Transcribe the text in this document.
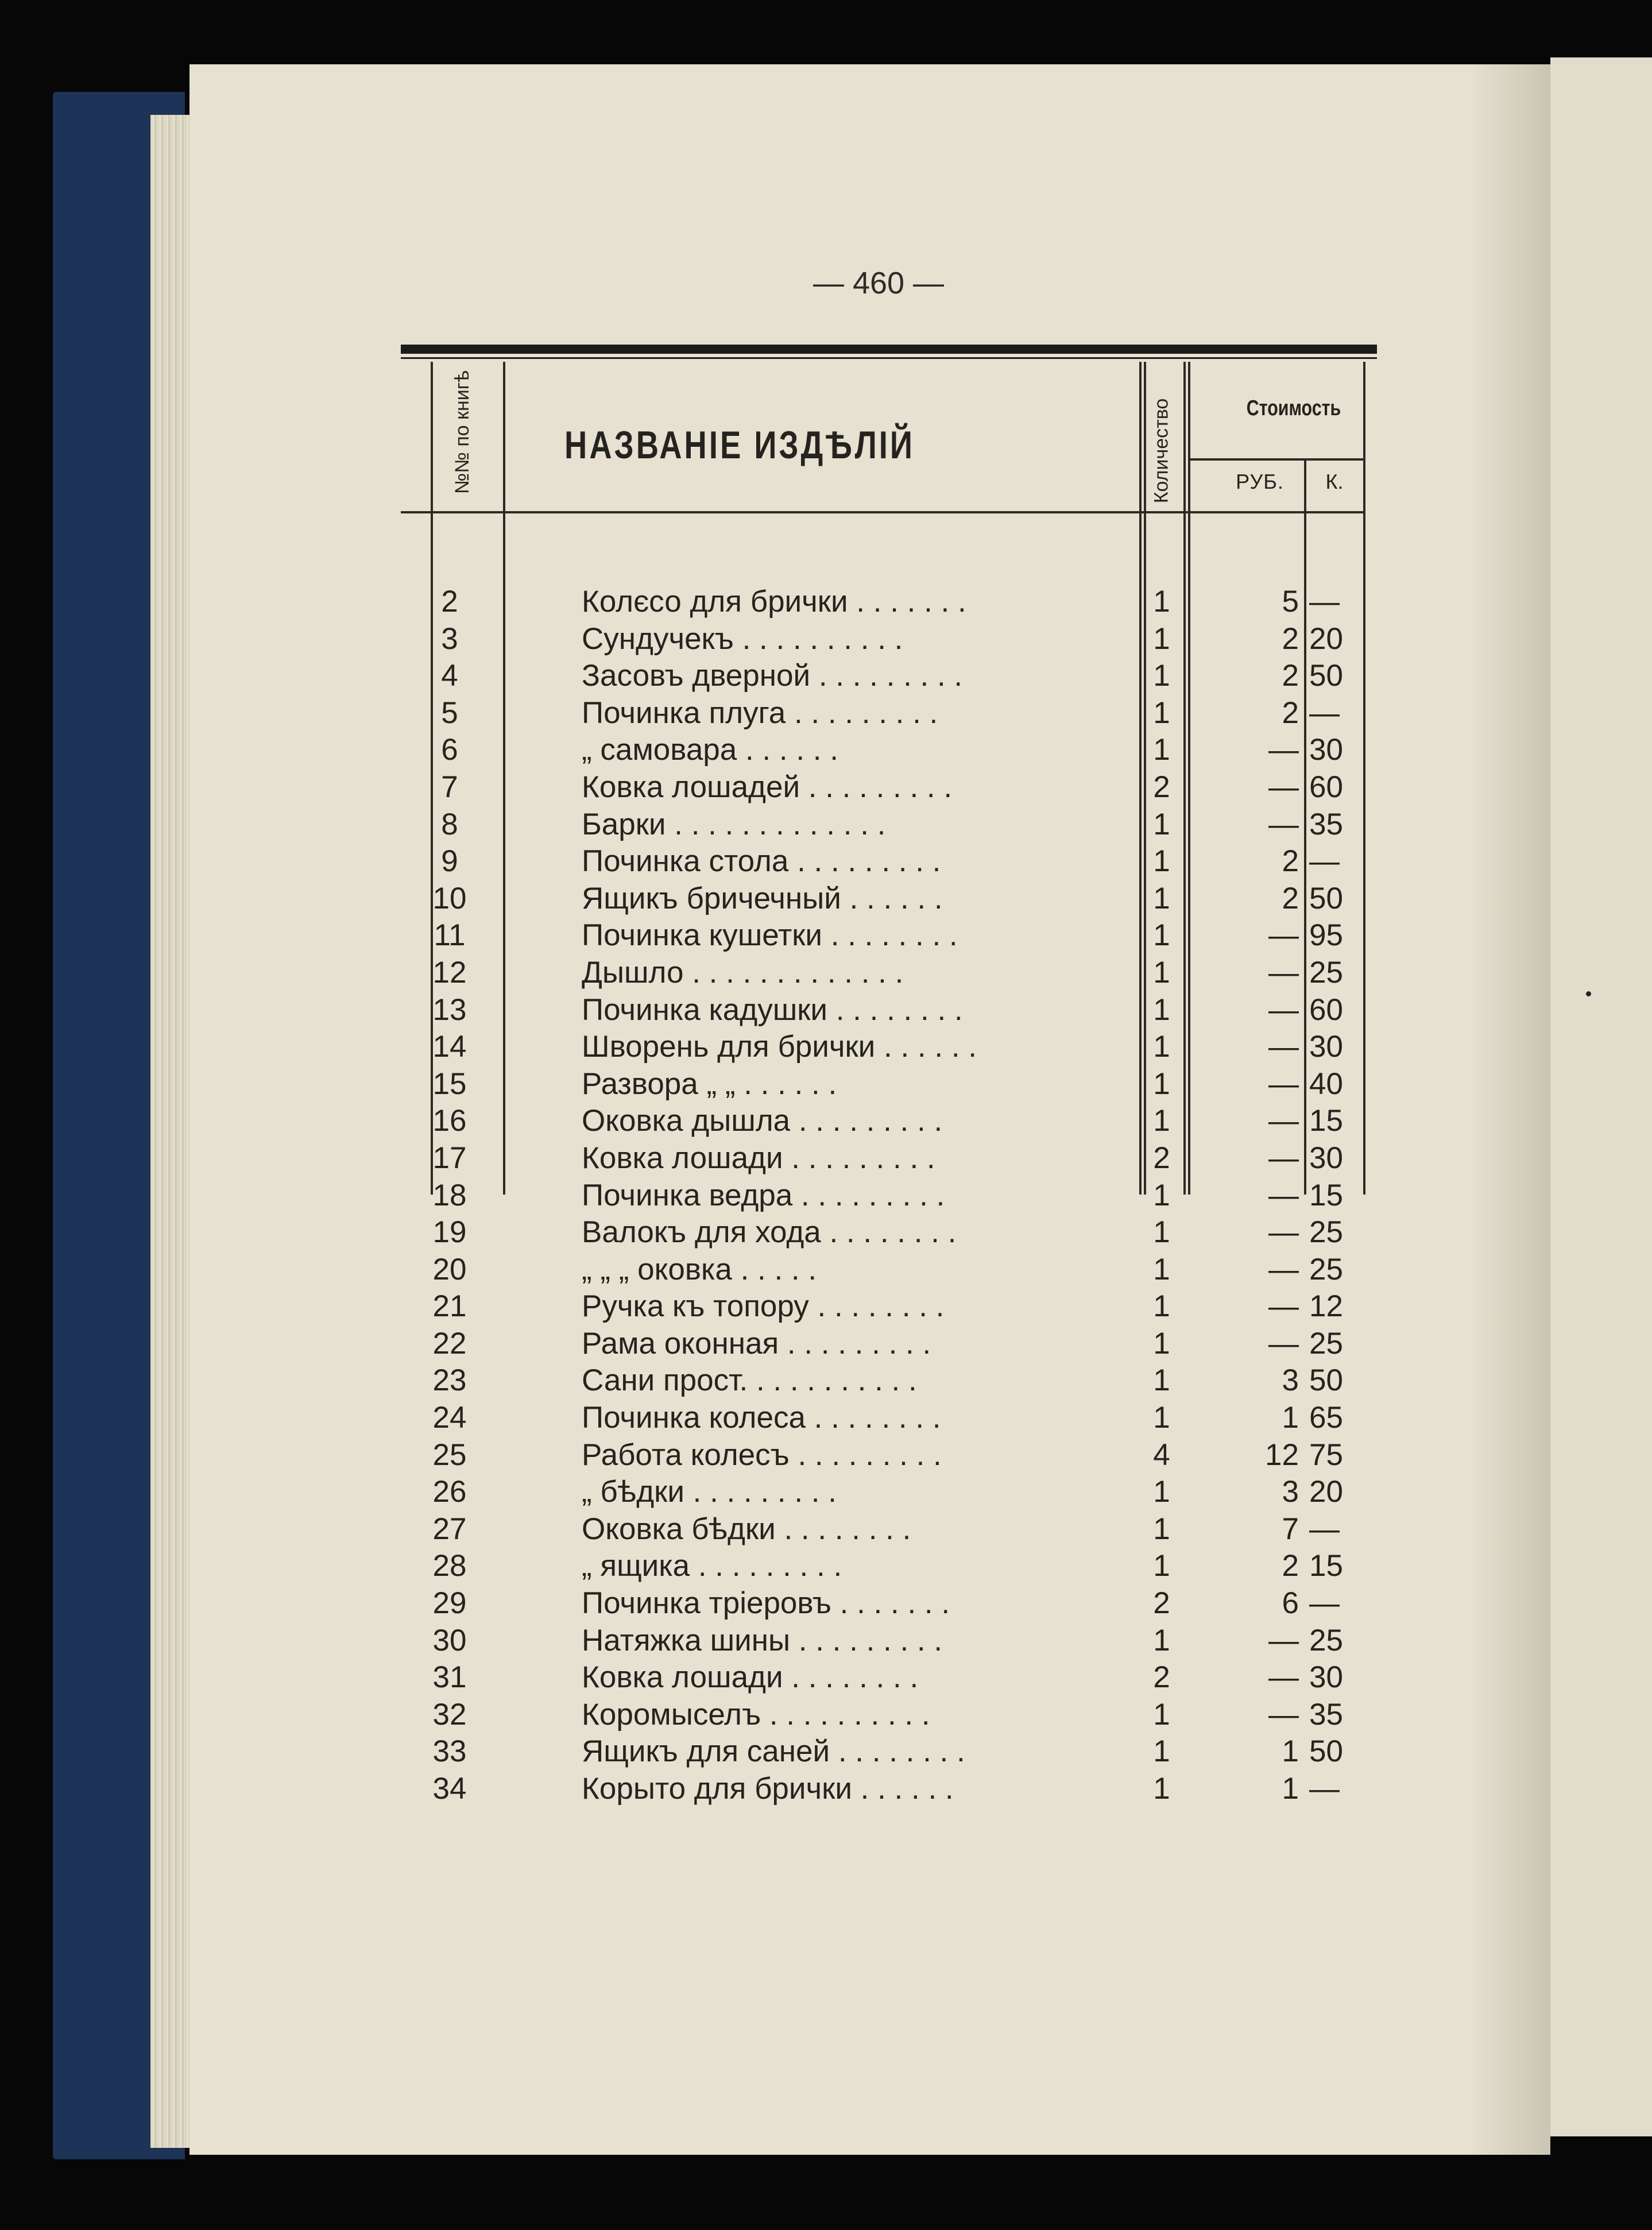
— 460 —
№№ по книгѣ	НАЗВАНІЕ ИЗДѢЛІЙ	Количество	Стоимость
РУБ.	К.
2	Колєсо для брички . . . . . . .	1	5 —
3	Сундучекъ . . . . . . . . . .	1	2 20
4	Засовъ дверной . . . . . . . . .	1	2 50
5	Починка плуга . . . . . . . . .	1	2 —
6	„ самовара . . . . . .	1	— 30
7	Ковка лошадей . . . . . . . . .	2	— 60
8	Барки . . . . . . . . . . . . .	1	— 35
9	Починка стола . . . . . . . . .	1	2 —
10	Ящикъ бричечный . . . . . .	1	2 50
11	Починка кушетки . . . . . . . .	1	— 95
12	Дышло . . . . . . . . . . . . .	1	— 25
13	Починка кадушки . . . . . . . .	1	— 60
14	Шворень для брички . . . . . .	1	— 30
15	Развора „ „ . . . . . .	1	— 40
16	Оковка дышла . . . . . . . . .	1	— 15
17	Ковка лошади . . . . . . . . .	2	— 30
18	Починка ведра . . . . . . . . .	1	— 15
19	Валокъ для хода . . . . . . . .	1	— 25
20	„ „ „ оковка . . . . .	1	— 25
21	Ручка къ топору . . . . . . . .	1	— 12
22	Рама оконная . . . . . . . . .	1	— 25
23	Сани прост. . . . . . . . . . .	1	3 50
24	Починка колеса . . . . . . . .	1	1 65
25	Работа колесъ . . . . . . . . .	4	12 75
26	„ бѣдки . . . . . . . . .	1	3 20
27	Оковка бѣдки . . . . . . . .	1	7 —
28	„ ящика . . . . . . . . .	1	2 15
29	Починка тріеровъ . . . . . . .	2	6 —
30	Натяжка шины . . . . . . . . .	1	— 25
31	Ковка лошади . . . . . . . .	2	— 30
32	Коромыселъ . . . . . . . . . .	1	— 35
33	Ящикъ для саней . . . . . . . .	1	1 50
34	Корыто для брички . . . . . .	1	1 —
